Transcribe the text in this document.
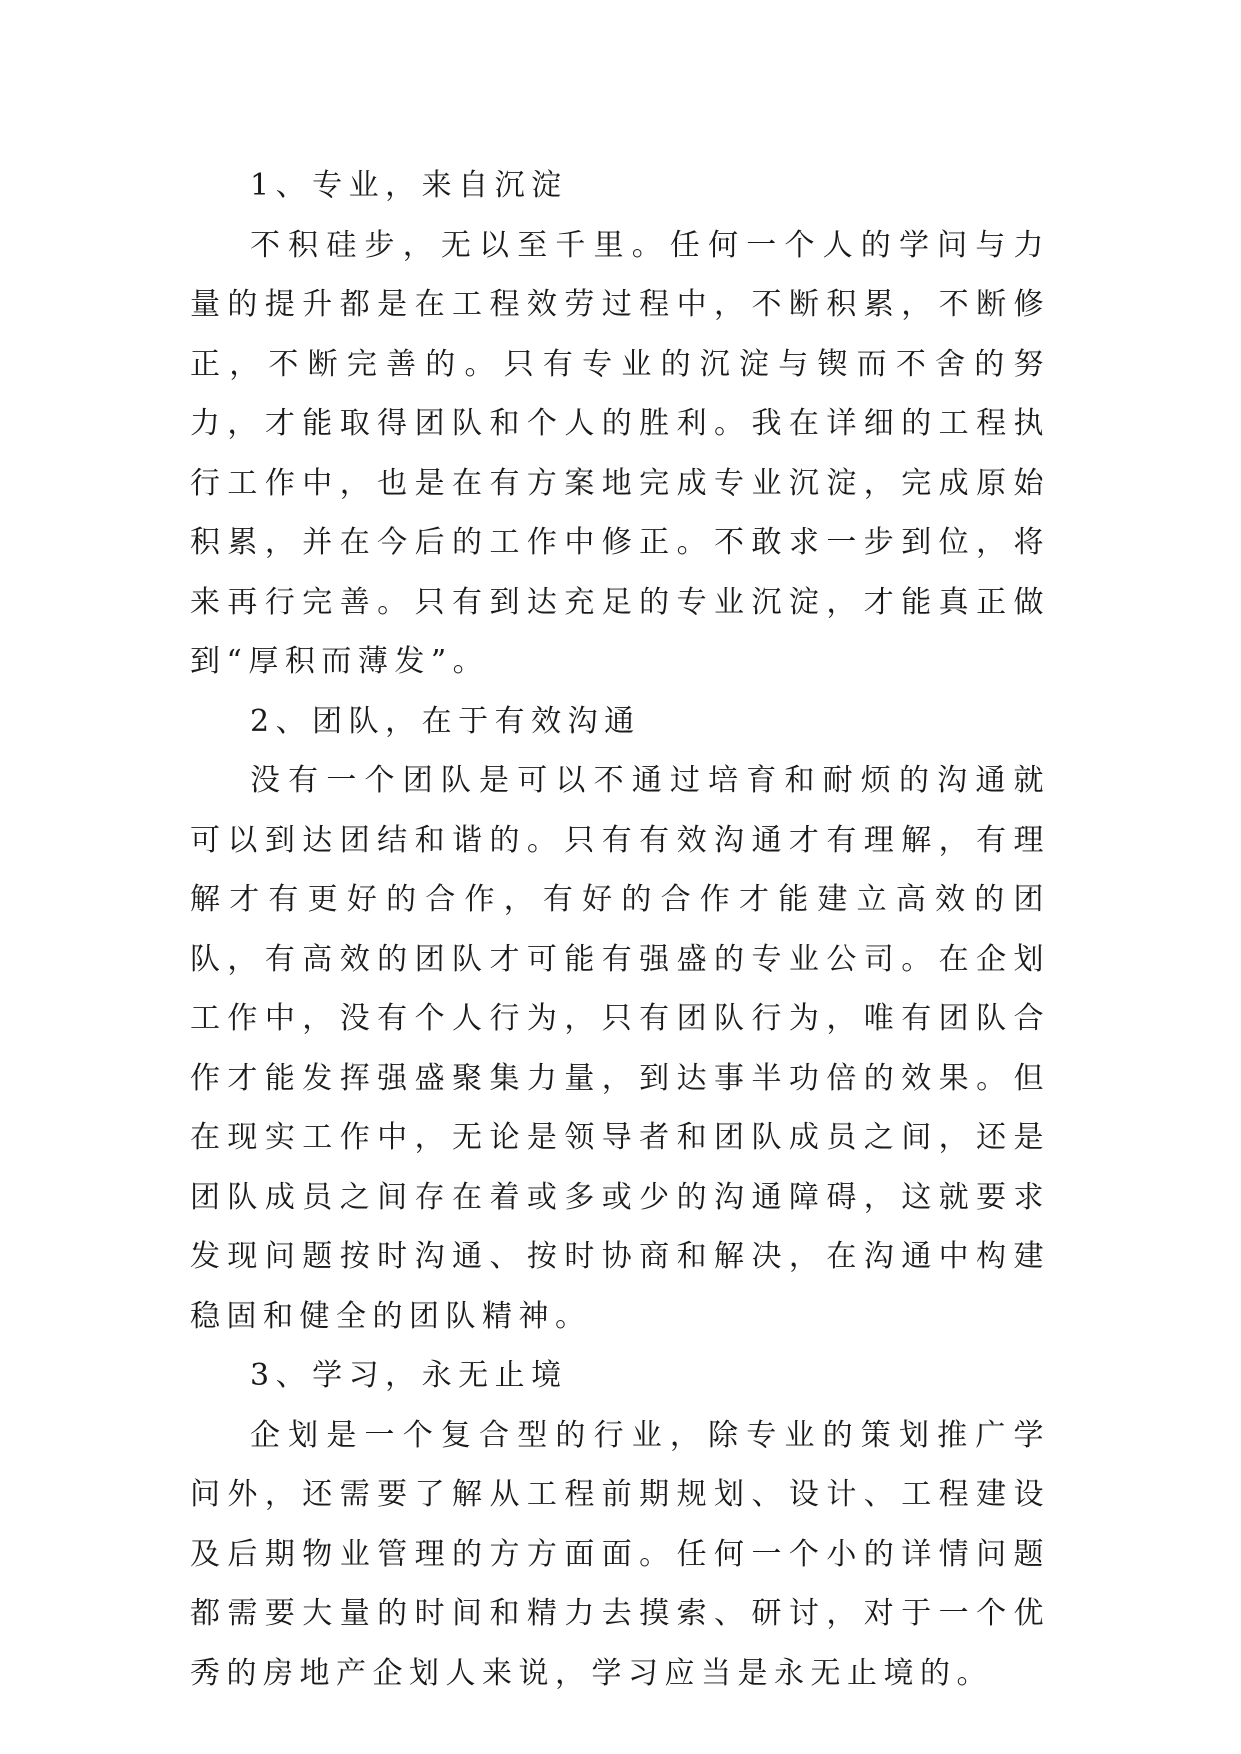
1、专业，来自沉淀

不积硅步，无以至千里。任何一个人的学问与力量的提升都是在工程效劳过程中，不断积累，不断修正，不断完善的。只有专业的沉淀与锲而不舍的努力，才能取得团队和个人的胜利。我在详细的工程执行工作中，也是在有方案地完成专业沉淀，完成原始积累，并在今后的工作中修正。不敢求一步到位，将来再行完善。只有到达充足的专业沉淀，才能真正做到“厚积而薄发”。

2、团队，在于有效沟通

没有一个团队是可以不通过培育和耐烦的沟通就可以到达团结和谐的。只有有效沟通才有理解，有理解才有更好的合作，有好的合作才能建立高效的团队，有高效的团队才可能有强盛的专业公司。在企划工作中，没有个人行为，只有团队行为，唯有团队合作才能发挥强盛聚集力量，到达事半功倍的效果。但在现实工作中，无论是领导者和团队成员之间，还是团队成员之间存在着或多或少的沟通障碍，这就要求发现问题按时沟通、按时协商和解决，在沟通中构建稳固和健全的团队精神。

3、学习，永无止境

企划是一个复合型的行业，除专业的策划推广学问外，还需要了解从工程前期规划、设计、工程建设及后期物业管理的方方面面。任何一个小的详情问题都需要大量的时间和精力去摸索、研讨，对于一个优秀的房地产企划人来说，学习应当是永无止境的。
